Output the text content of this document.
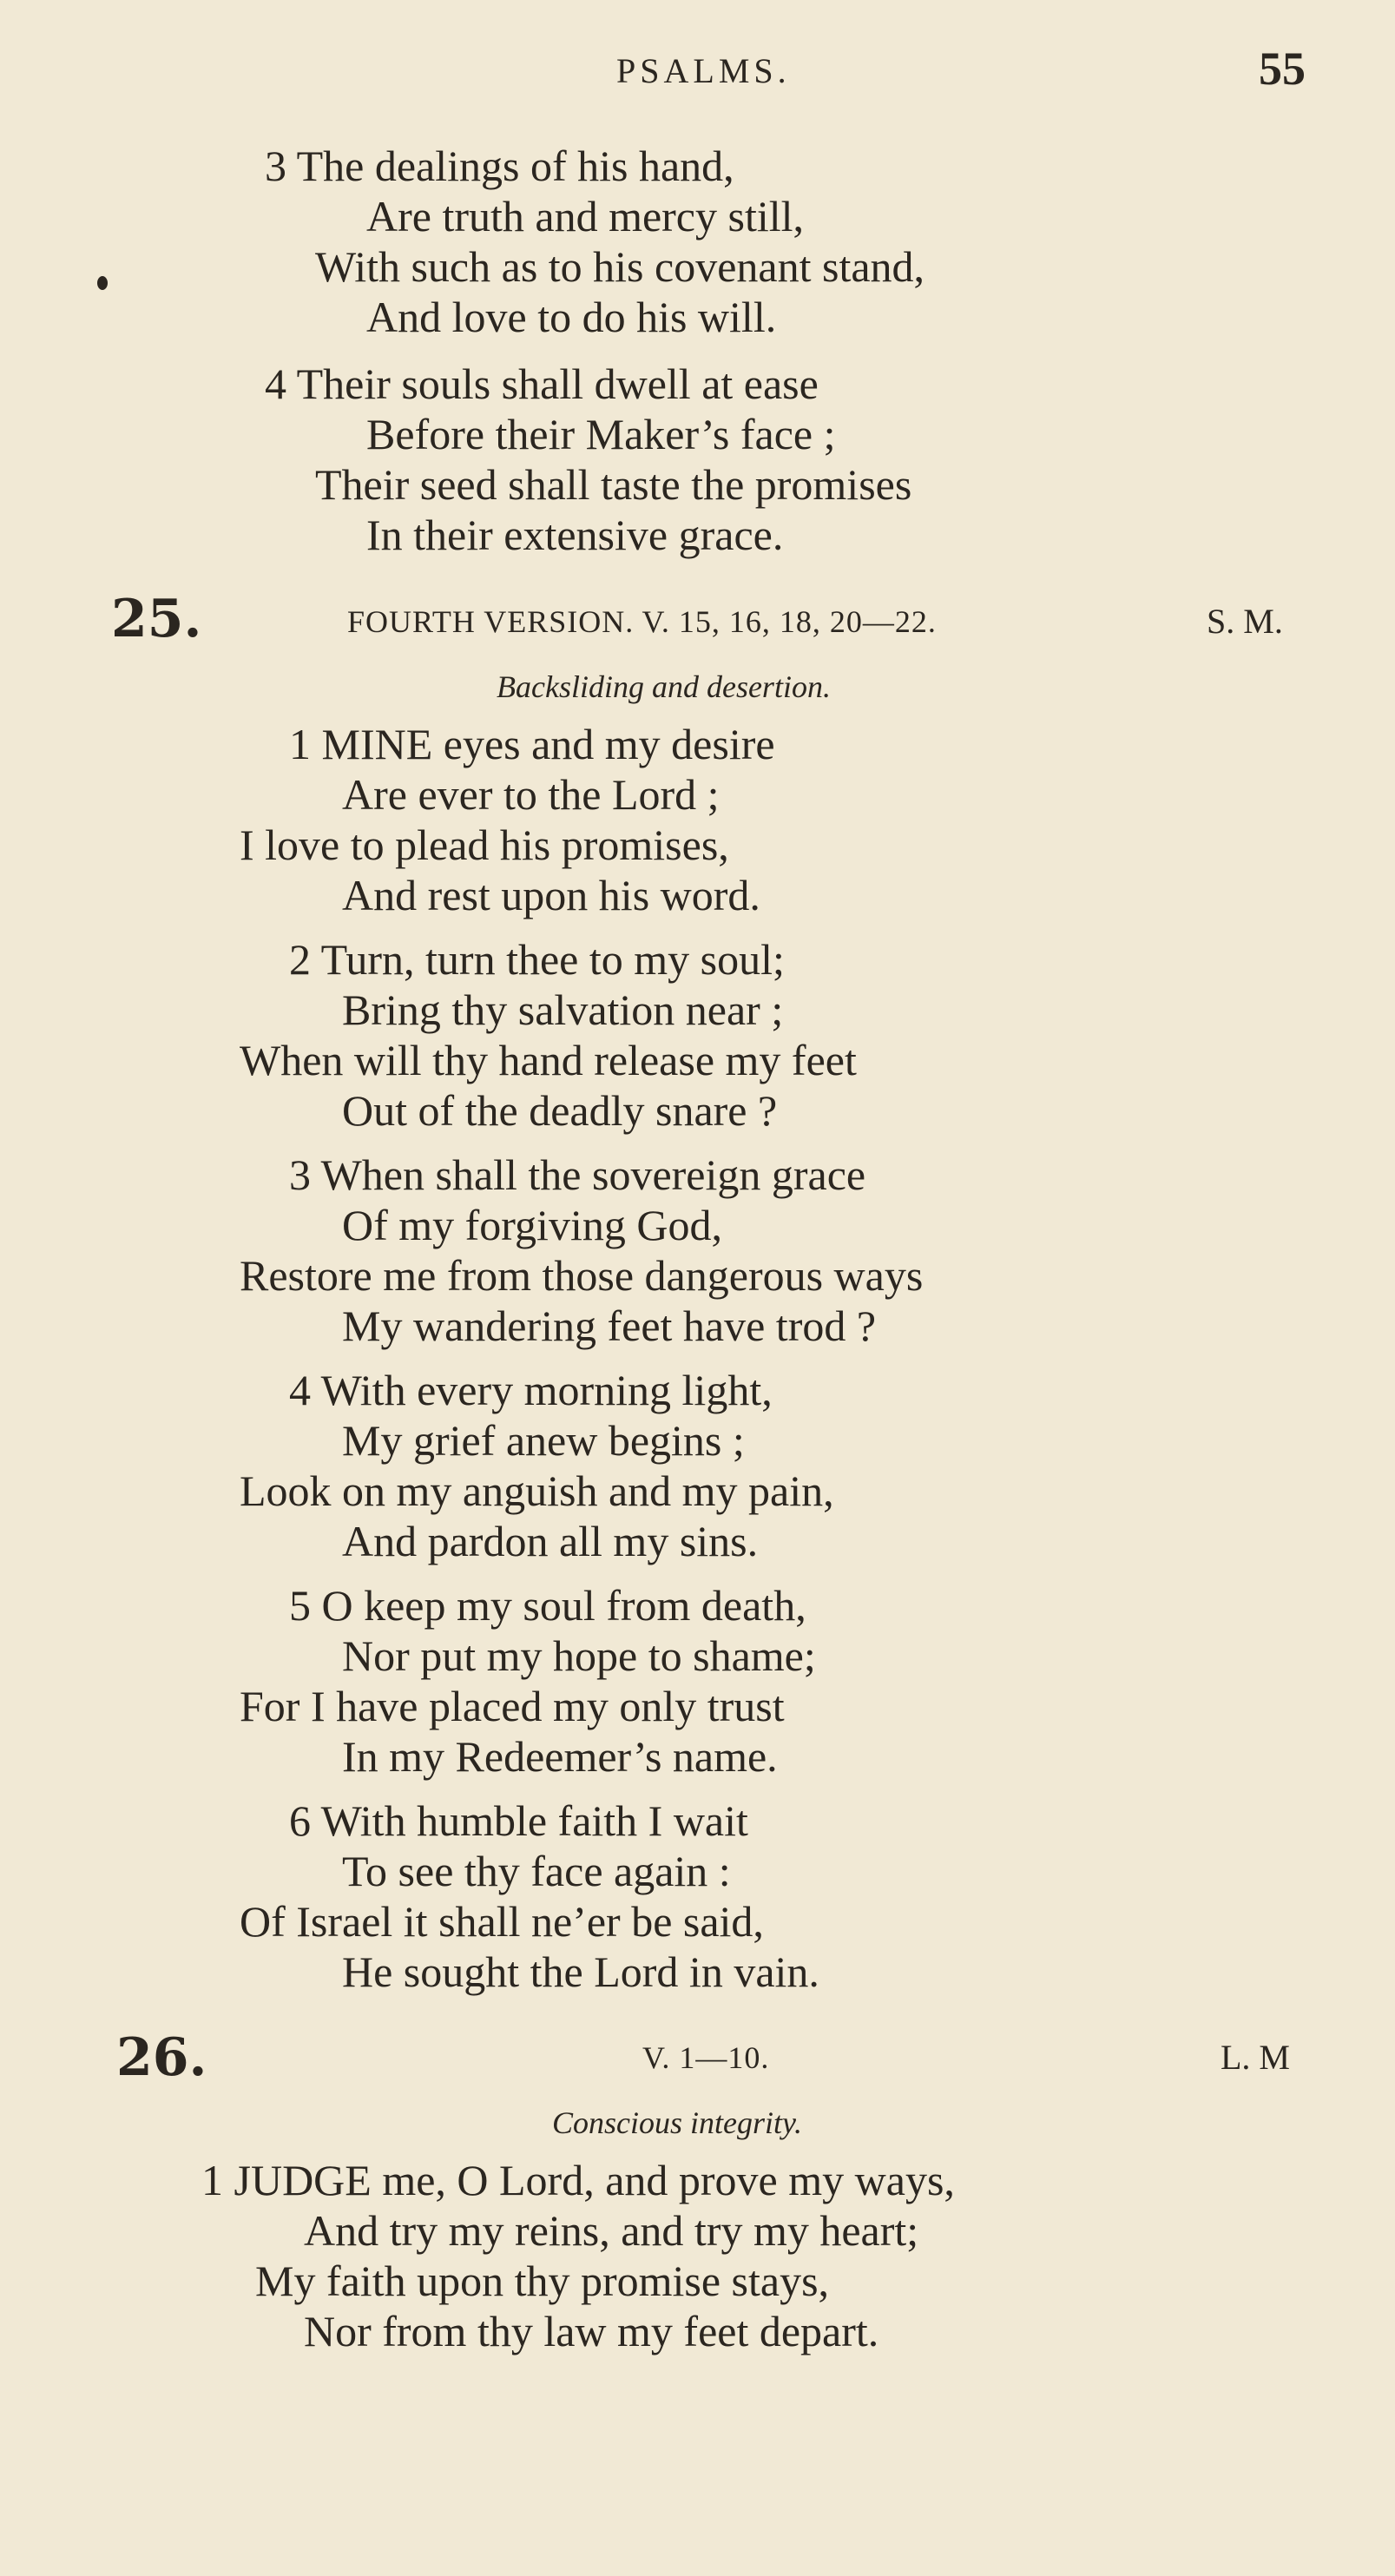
PSALMS.	55
3 The dealings of his hand,
Are truth and mercy still,
With such as to his covenant stand,
And love to do his will.
4 Their souls shall dwell at ease
Before their Maker’s face ;
Their seed shall taste the promises
In their extensive grace.
25.	FOURTH VERSION. V. 15, 16, 18, 20—22.	S. M.
Backsliding and desertion.
1 MINE eyes and my desire
Are ever to the Lord ;
I love to plead his promises,
And rest upon his word.
2 Turn, turn thee to my soul;
Bring thy salvation near ;
When will thy hand release my feet
Out of the deadly snare ?
3 When shall the sovereign grace
Of my forgiving God,
Restore me from those dangerous ways
My wandering feet have trod ?
4 With every morning light,
My grief anew begins ;
Look on my anguish and my pain,
And pardon all my sins.
5 O keep my soul from death,
Nor put my hope to shame;
For I have placed my only trust
In my Redeemer’s name.
6 With humble faith I wait
To see thy face again :
Of Israel it shall ne’er be said,
He sought the Lord in vain.
26.	V. 1—10.	L. M
Conscious integrity.
1 JUDGE me, O Lord, and prove my ways,
And try my reins, and try my heart;
My faith upon thy promise stays,
Nor from thy law my feet depart.
